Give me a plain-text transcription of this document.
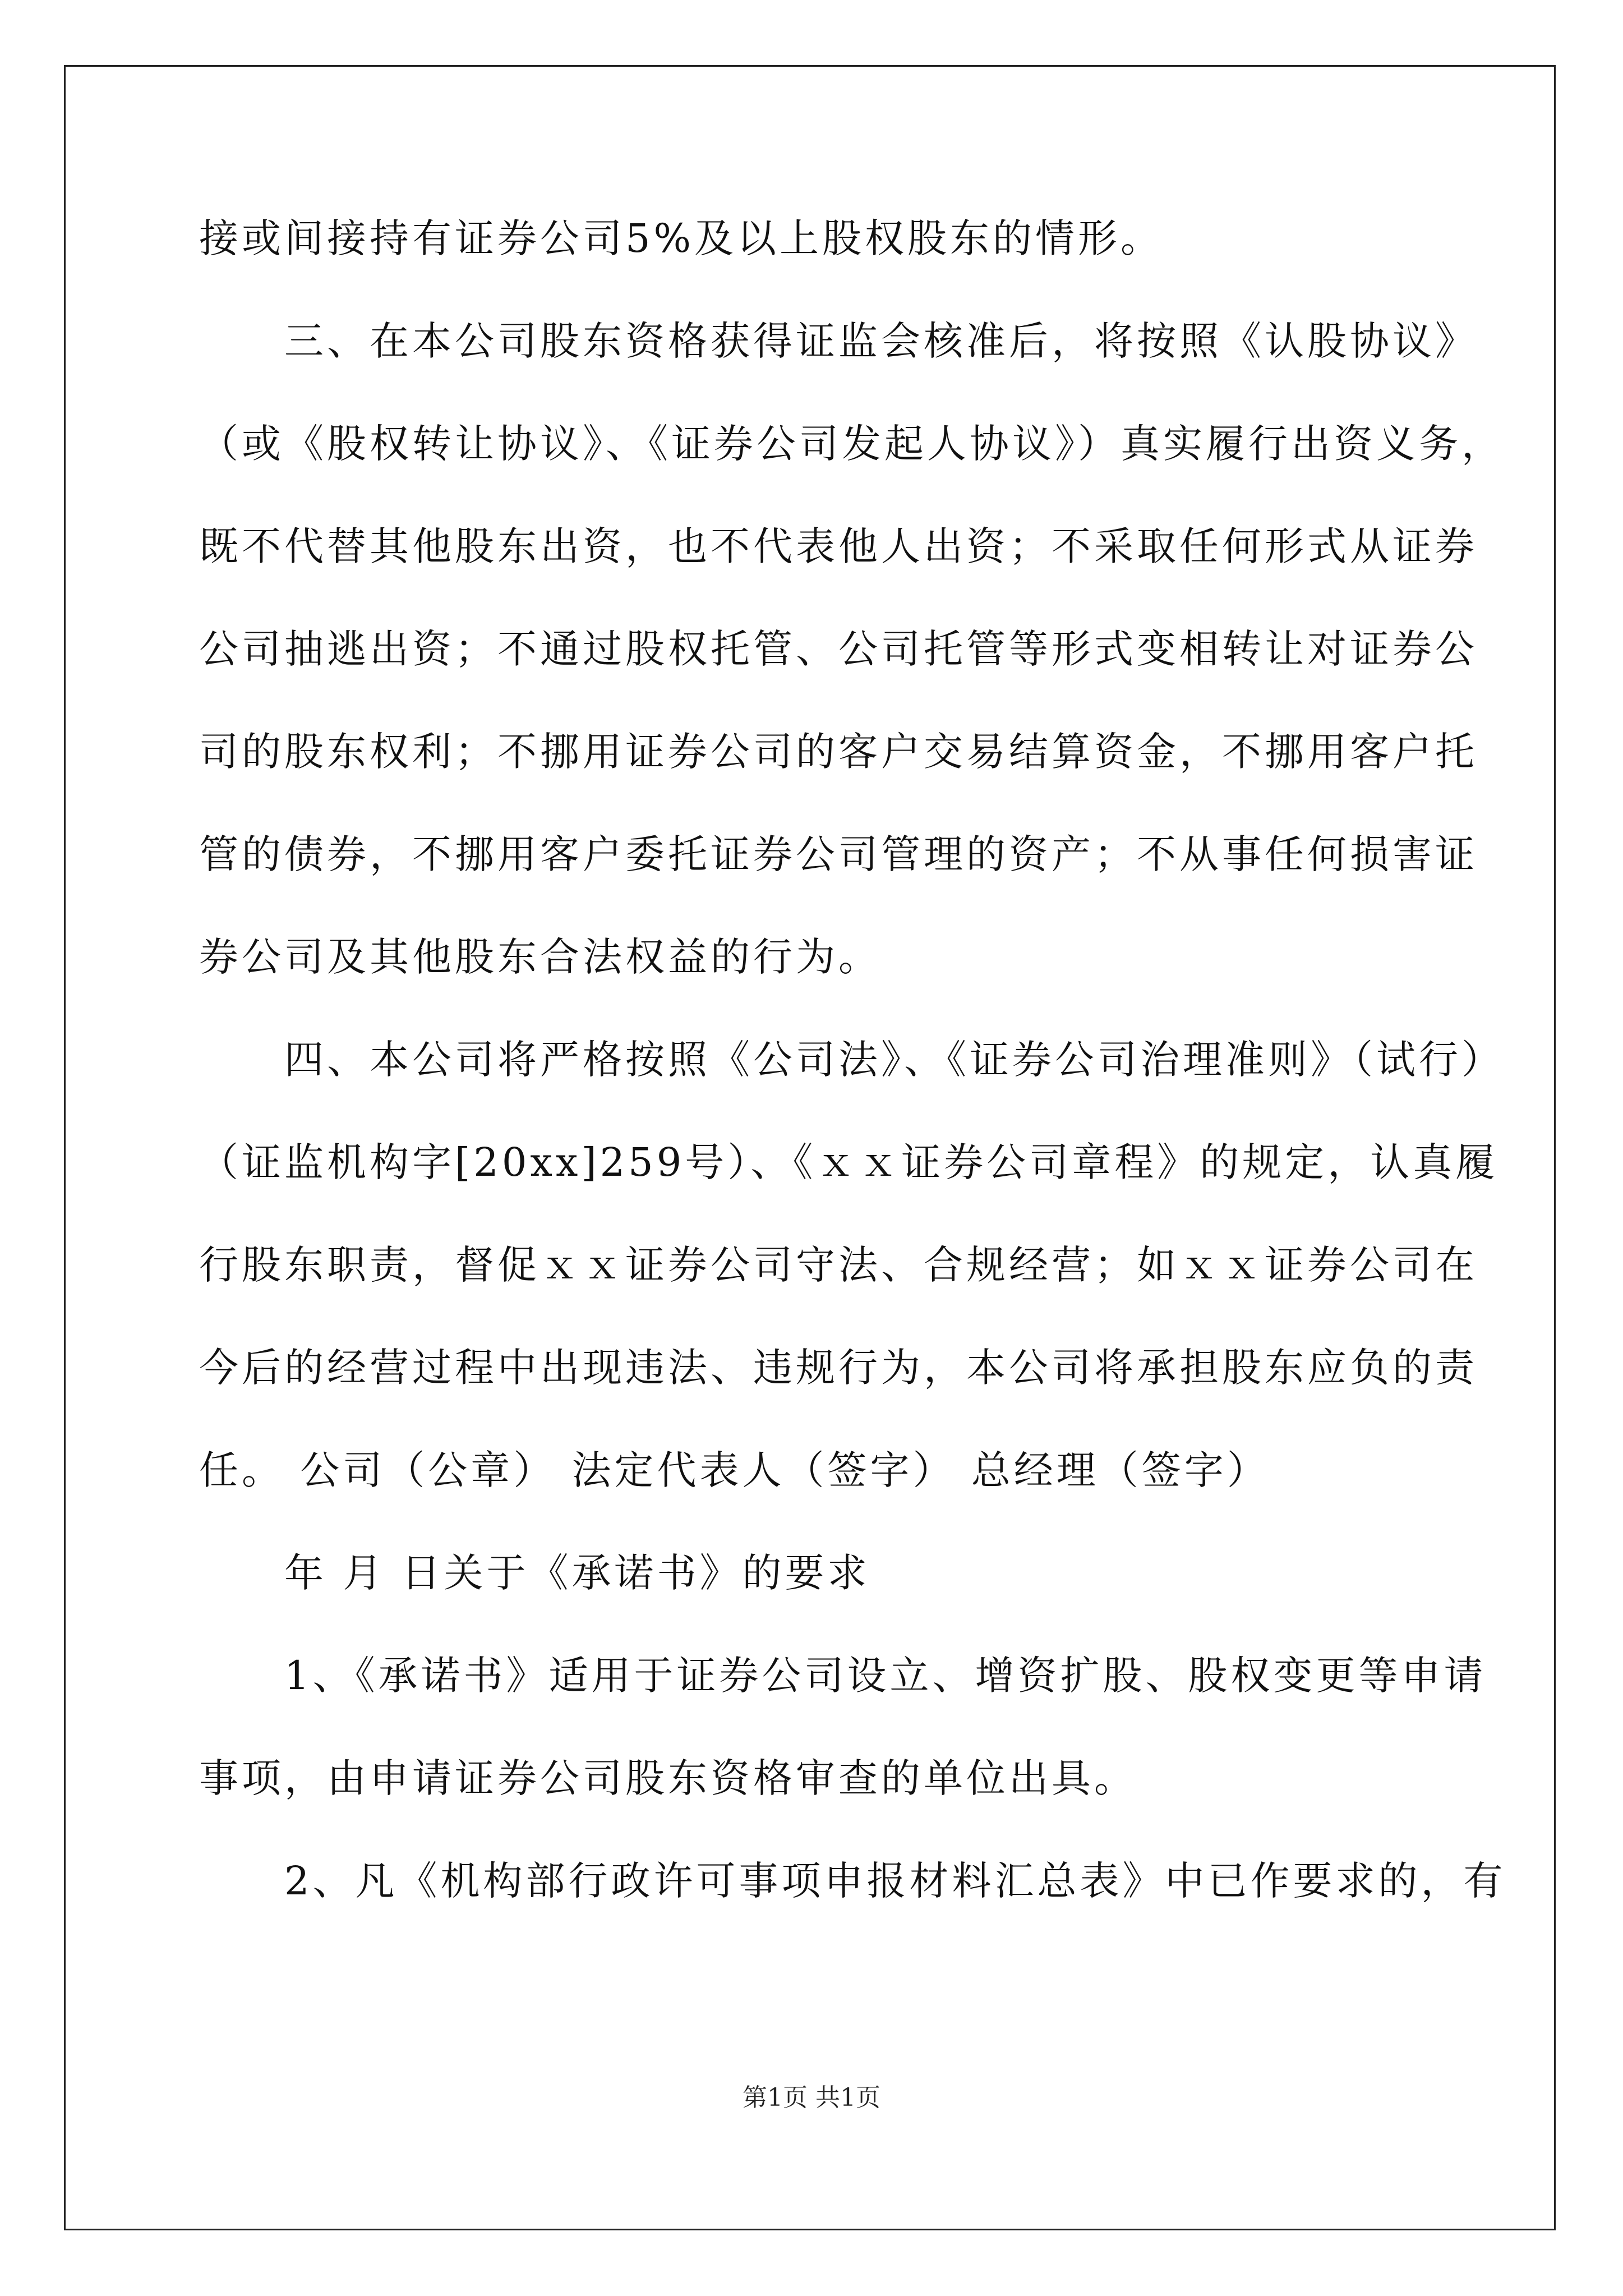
接或间接持有证券公司5%及以上股权股东的情形。
　　三、在本公司股东资格获得证监会核准后，将按照《认股协议》
（或《股权转让协议》、《证券公司发起人协议》）真实履行出资义务，
既不代替其他股东出资，也不代表他人出资；不采取任何形式从证券
公司抽逃出资；不通过股权托管、公司托管等形式变相转让对证券公
司的股东权利；不挪用证券公司的客户交易结算资金，不挪用客户托
管的债券，不挪用客户委托证券公司管理的资产；不从事任何损害证
券公司及其他股东合法权益的行为。
　　四、本公司将严格按照《公司法》、《证券公司治理准则》（试行）
（证监机构字[20xx]259号）、《ｘｘ证券公司章程》的规定，认真履
行股东职责，督促ｘｘ证券公司守法、合规经营；如ｘｘ证券公司在
今后的经营过程中出现违法、违规行为，本公司将承担股东应负的责
任。 公司（公章） 法定代表人（签字） 总经理（签字）
　　年 月 日关于《承诺书》的要求
　　1、《承诺书》适用于证券公司设立、增资扩股、股权变更等申请
事项，由申请证券公司股东资格审查的单位出具。
　　2、凡《机构部行政许可事项申报材料汇总表》中已作要求的，有
第1页 共1页
